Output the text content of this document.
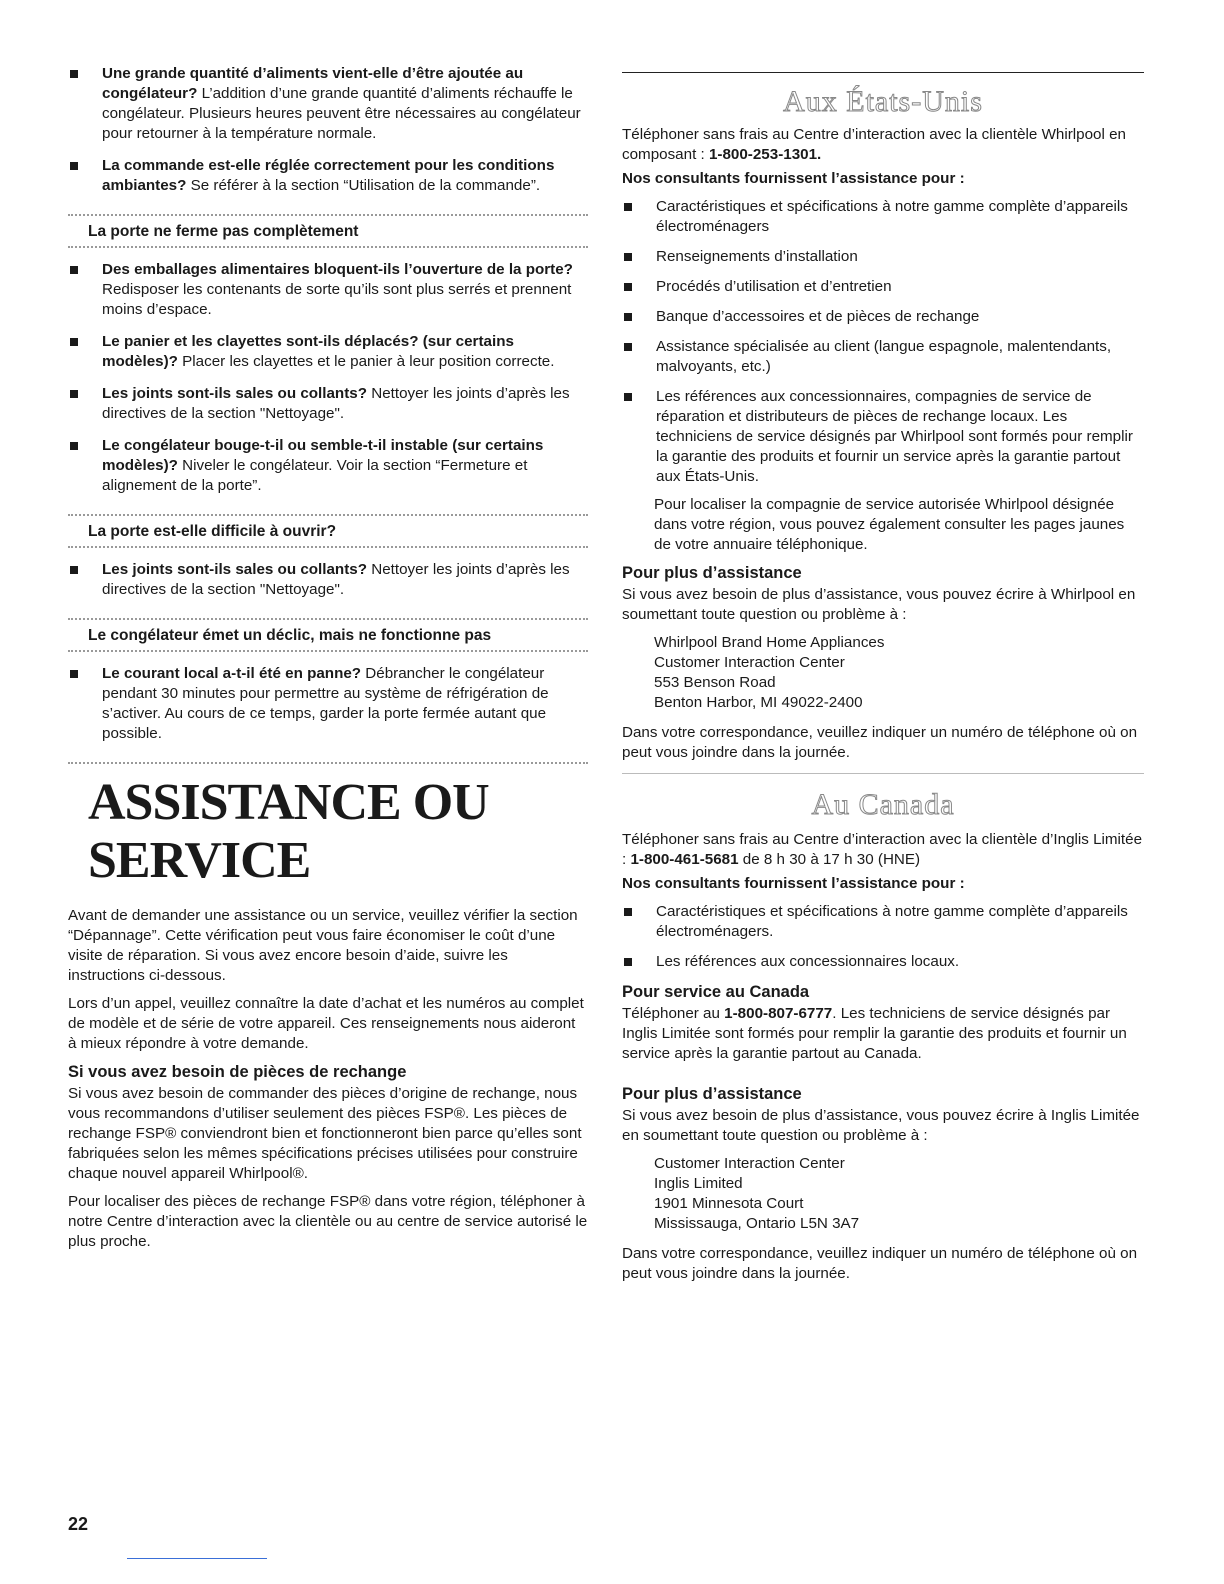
Une grande quantité d’aliments vient-elle d’être ajoutée au congélateur? L’addition d’une grande quantité d’aliments réchauffe le congélateur. Plusieurs heures peuvent être nécessaires au congélateur pour retourner à la température normale.
La commande est-elle réglée correctement pour les conditions ambiantes? Se référer à la section “Utilisation de la commande”.
La porte ne ferme pas complètement
Des emballages alimentaires bloquent-ils l’ouverture de la porte? Redisposer les contenants de sorte qu’ils sont plus serrés et prennent moins d’espace.
Le panier et les clayettes sont-ils déplacés? (sur certains modèles)? Placer les clayettes et le panier à leur position correcte.
Les joints sont-ils sales ou collants? Nettoyer les joints d’après les directives de la section "Nettoyage".
Le congélateur bouge-t-il ou semble-t-il instable (sur certains modèles)? Niveler le congélateur. Voir la section “Fermeture et alignement de la porte”.
La porte est-elle difficile à ouvrir?
Les joints sont-ils sales ou collants? Nettoyer les joints d’après les directives de la section "Nettoyage".
Le congélateur émet un déclic, mais ne fonctionne pas
Le courant local a-t-il été en panne? Débrancher le congélateur pendant 30 minutes pour permettre au système de réfrigération de s’activer. Au cours de ce temps, garder la porte fermée autant que possible.
ASSISTANCE OU SERVICE

Avant de demander une assistance ou un service, veuillez vérifier la section “Dépannage”. Cette vérification peut vous faire économiser le coût d’une visite de réparation. Si vous avez encore besoin d’aide, suivre les instructions ci-dessous.

Lors d’un appel, veuillez connaître la date d’achat et les numéros au complet de modèle et de série de votre appareil. Ces renseignements nous aideront à mieux répondre à votre demande.

Si vous avez besoin de pièces de rechange

Si vous avez besoin de commander des pièces d’origine de rechange, nous vous recommandons d’utiliser seulement des pièces FSP®. Les pièces de rechange FSP® conviendront bien et fonctionneront bien parce qu’elles sont fabriquées selon les mêmes spécifications précises utilisées pour construire chaque nouvel appareil Whirlpool®.

Pour localiser des pièces de rechange FSP® dans votre région, téléphoner à notre Centre d’interaction avec la clientèle ou au centre de service autorisé le plus proche.

Aux États-Unis

Téléphoner sans frais au Centre d’interaction avec la clientèle Whirlpool en composant : 1-800-253-1301.

Nos consultants fournissent l’assistance pour :

Caractéristiques et spécifications à notre gamme complète d’appareils électroménagers
Renseignements d’installation
Procédés d’utilisation et d’entretien
Banque d’accessoires et de pièces de rechange
Assistance spécialisée au client (langue espagnole, malentendants, malvoyants, etc.)
Les références aux concessionnaires, compagnies de service de réparation et distributeurs de pièces de rechange locaux. Les techniciens de service désignés par Whirlpool sont formés pour remplir la garantie des produits et fournir un service après la garantie partout aux États-Unis.

Pour localiser la compagnie de service autorisée Whirlpool désignée dans votre région, vous pouvez également consulter les pages jaunes de votre annuaire téléphonique.

Pour plus d’assistance

Si vous avez besoin de plus d’assistance, vous pouvez écrire à Whirlpool en soumettant toute question ou problème à :

Whirlpool Brand Home Appliances
Customer Interaction Center
553 Benson Road
Benton Harbor, MI 49022-2400

Dans votre correspondance, veuillez indiquer un numéro de téléphone où on peut vous joindre dans la journée.

Au Canada

Téléphoner sans frais au Centre d’interaction avec la clientèle d’Inglis Limitée : 1-800-461-5681 de 8 h 30 à 17 h 30 (HNE)

Nos consultants fournissent l’assistance pour :

Caractéristiques et spécifications à notre gamme complète d’appareils électroménagers.
Les références aux concessionnaires locaux.
Pour service au Canada

Téléphoner au 1-800-807-6777. Les techniciens de service désignés par Inglis Limitée sont formés pour remplir la garantie des produits et fournir un service après la garantie partout au Canada.

Pour plus d’assistance

Si vous avez besoin de plus d’assistance, vous pouvez écrire à Inglis Limitée en soumettant toute question ou problème à :

Customer Interaction Center
Inglis Limited
1901 Minnesota Court
Mississauga, Ontario L5N 3A7

Dans votre correspondance, veuillez indiquer un numéro de téléphone où on peut vous joindre dans la journée.

22
